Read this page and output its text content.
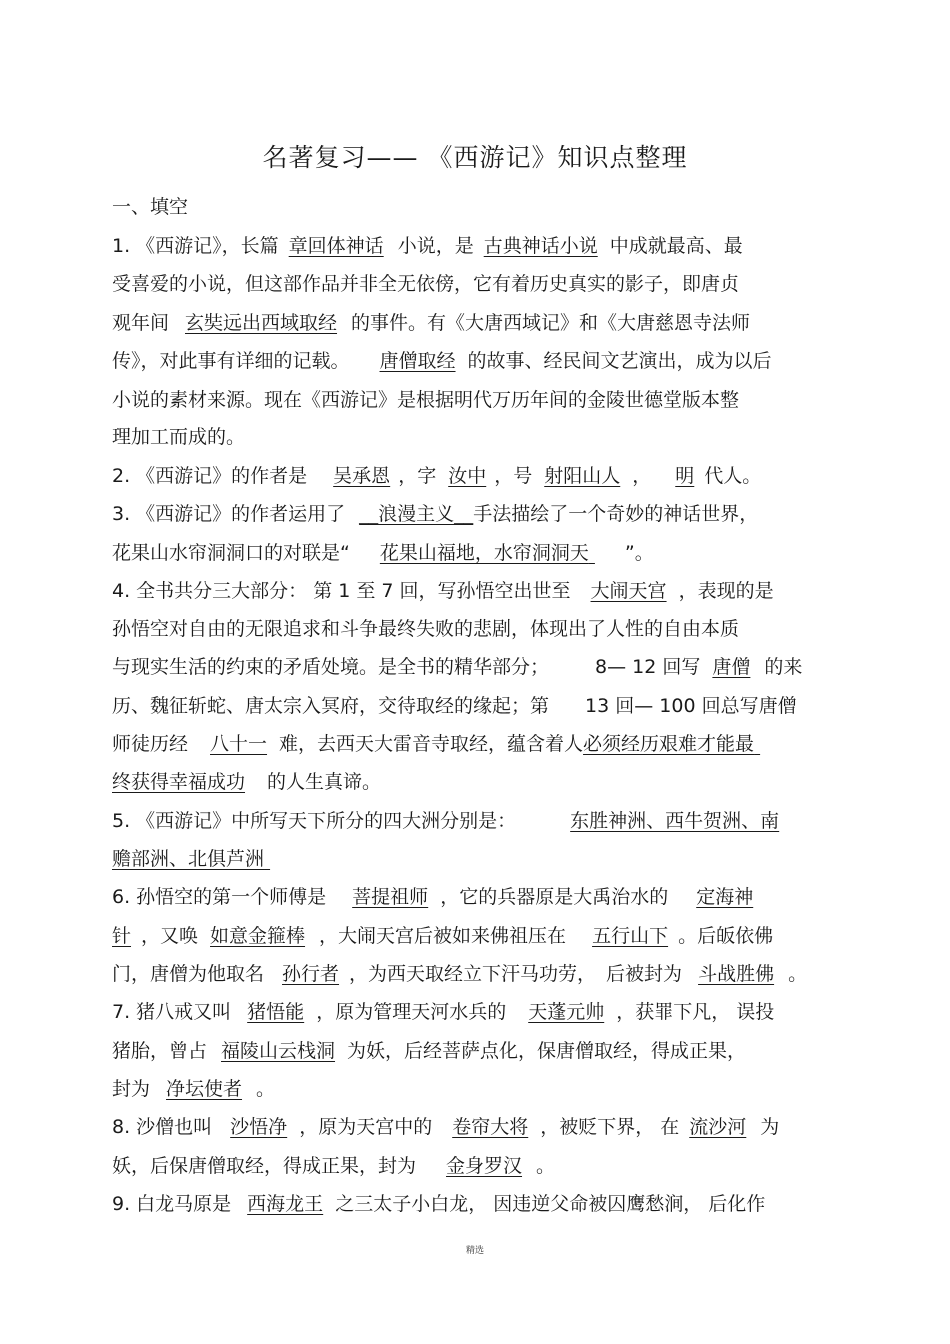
名著复习—— 《西游记》知识点整理
一、填空
1. 《西游记》，长篇 章回体神话 小说，是 古典神话小说 中成就最高、最
受喜爱的小说，但这部作品并非全无依傍，它有着历史真实的影子，即唐贞
观年间 玄奘远出西域取经 的事件。有《大唐西域记》和《大唐慈恩寺法师
传》，对此事有详细的记载。 唐僧取经 的故事、经民间文艺演出，成为以后
小说的素材来源。现在《西游记》是根据明代万历年间的金陵世德堂版本整
理加工而成的。
2. 《西游记》的作者是 吴承恩 ，字 汝中 ，号 射阳山人 ， 明 代人。
3. 《西游记》的作者运用了 __浪漫主义__手法描绘了一个奇妙的神话世界，
花果山水帘洞洞口的对联是“ 花果山福地，水帘洞洞天 ”。
4. 全书共分三大部分： 第 1 至 7 回，写孙悟空出世至 大闹天宫 ，表现的是
孙悟空对自由的无限追求和斗争最终失败的悲剧，体现出了人性的自由本质
与现实生活的约束的矛盾处境。是全书的精华部分； 8— 12 回写 唐僧 的来
历、魏征斩蛇、唐太宗入冥府，交待取经的缘起；第 13 回— 100 回总写唐僧
师徒历经 八十一 难，去西天大雷音寺取经，蕴含着人必须经历艰难才能最
终获得幸福成功 的人生真谛。
5. 《西游记》中所写天下所分的四大洲分别是：	东胜神洲、西牛贺洲、南
赡部洲、北俱芦洲
6. 孙悟空的第一个师傅是 菩提祖师 ，它的兵器原是大禹治水的 定海神
针 ，又唤 如意金箍棒 ，大闹天宫后被如来佛祖压在 五行山下 。后皈依佛
门，唐僧为他取名 孙行者 ，为西天取经立下汗马功劳， 后被封为 斗战胜佛 。
7. 猪八戒又叫 猪悟能 ，原为管理天河水兵的 天蓬元帅 ，获罪下凡， 误投
猪胎，曾占 福陵山云栈洞 为妖，后经菩萨点化，保唐僧取经，得成正果，
封为 净坛使者 。
8. 沙僧也叫 沙悟净 ，原为天宫中的 卷帘大将 ，被贬下界， 在 流沙河 为
妖，后保唐僧取经，得成正果，封为 金身罗汉 。
9. 白龙马原是 西海龙王 之三太子小白龙， 因违逆父命被囚鹰愁涧， 后化作
精选
